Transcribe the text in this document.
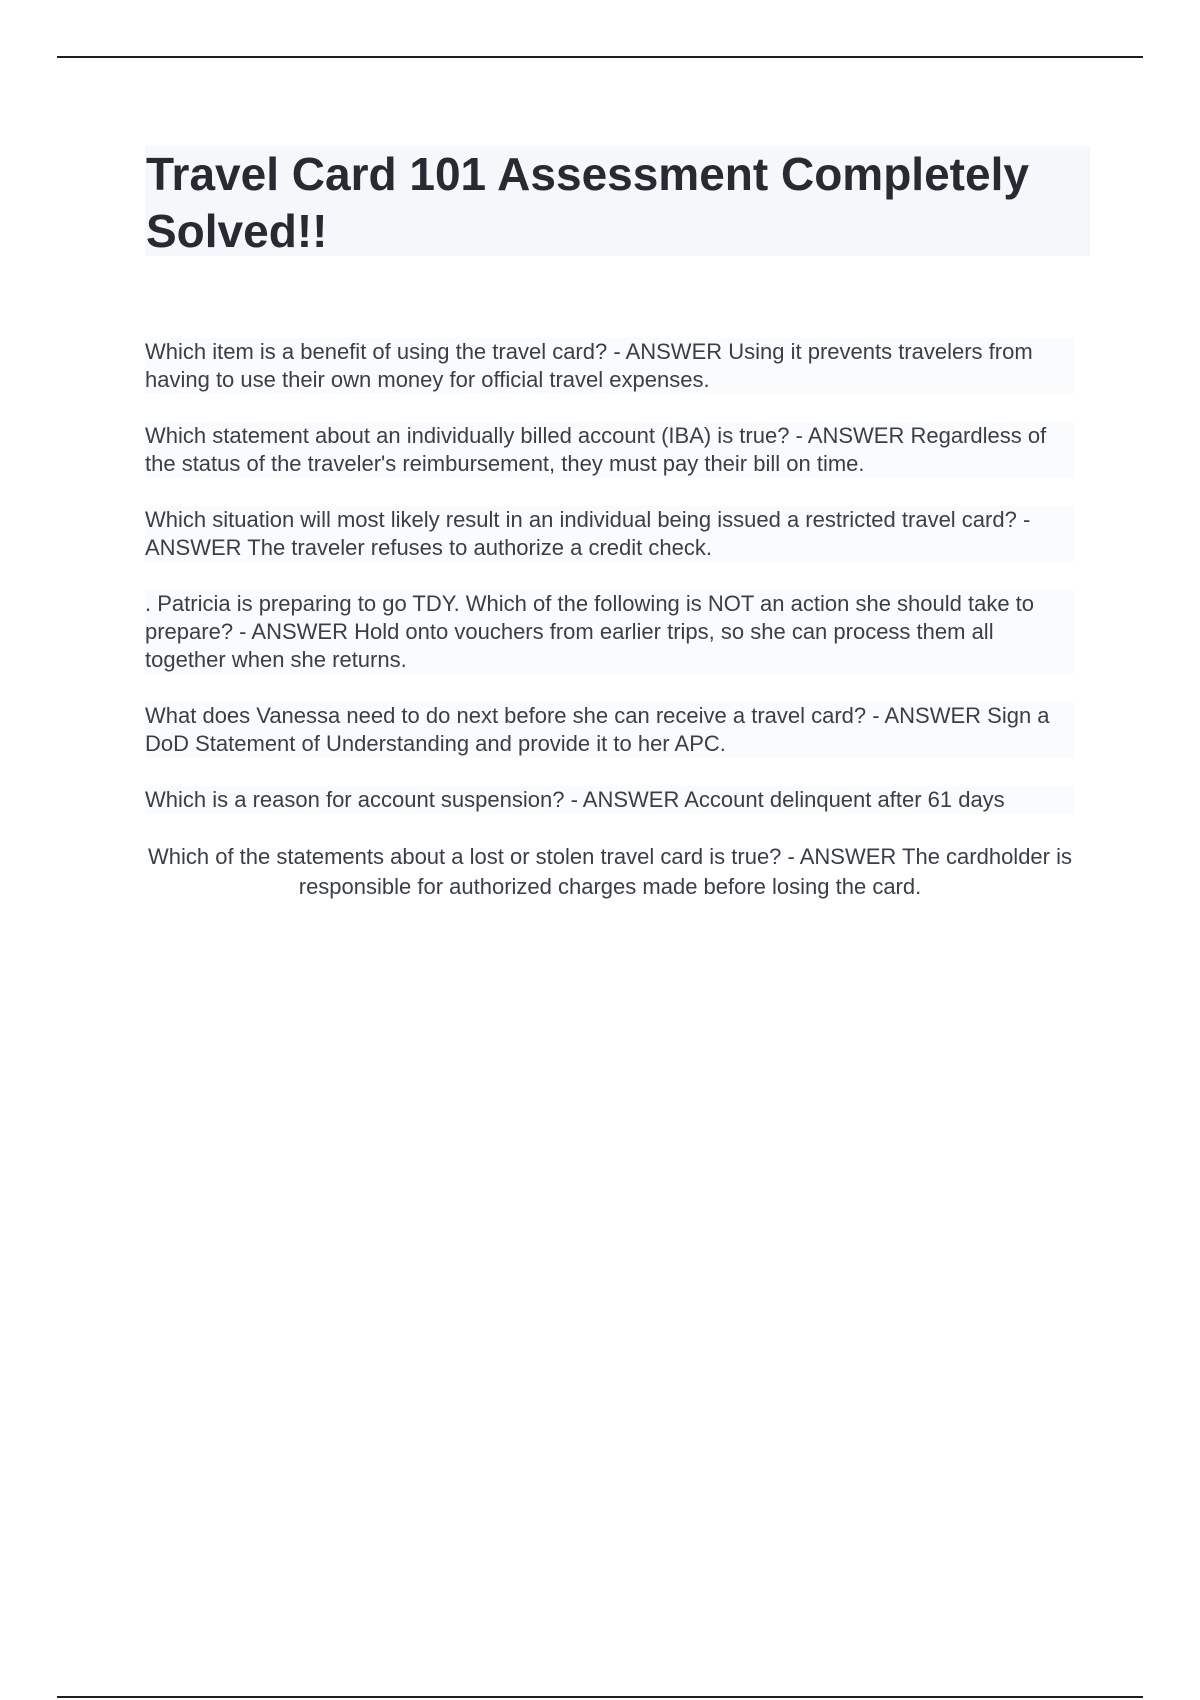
Travel Card 101 Assessment Completely Solved!!

Which item is a benefit of using the travel card? - ANSWER Using it prevents travelers from having to use their own money for official travel expenses.

Which statement about an individually billed account (IBA) is true? - ANSWER Regardless of the status of the traveler's reimbursement, they must pay their bill on time.

Which situation will most likely result in an individual being issued a restricted travel card? - ANSWER The traveler refuses to authorize a credit check.

. Patricia is preparing to go TDY. Which of the following is NOT an action she should take to prepare? - ANSWER Hold onto vouchers from earlier trips, so she can process them all together when she returns.

What does Vanessa need to do next before she can receive a travel card? - ANSWER Sign a DoD Statement of Understanding and provide it to her APC.

Which is a reason for account suspension? - ANSWER Account delinquent after 61 days

Which of the statements about a lost or stolen travel card is true? - ANSWER The cardholder is responsible for authorized charges made before losing the card.
